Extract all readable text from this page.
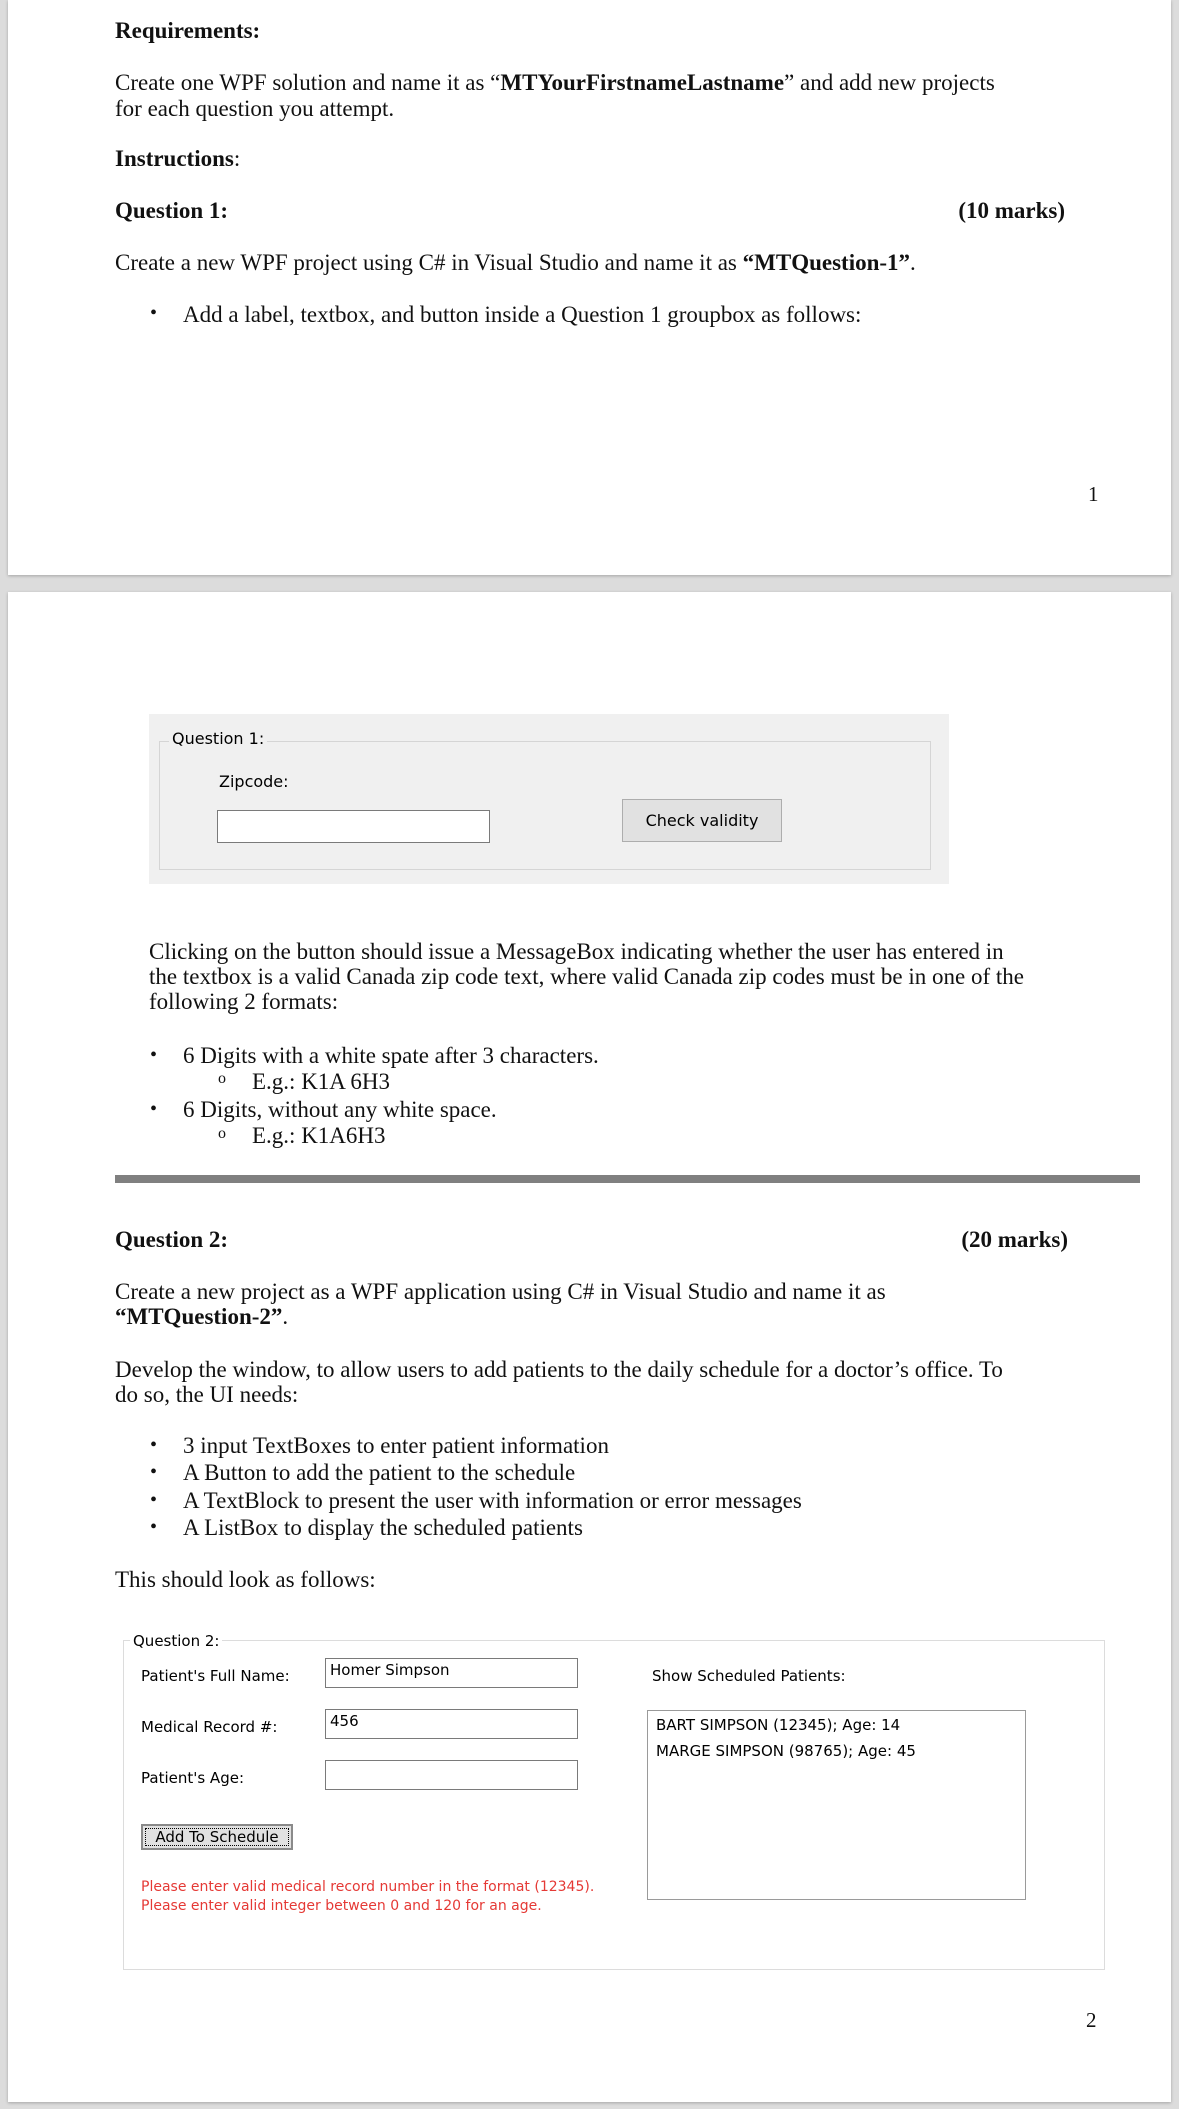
Requirements:
Create one WPF solution and name it as “MTYourFirstnameLastname” and add new projects
for each question you attempt.
Instructions:
Question 1:	(10 marks)
Create a new WPF project using C# in Visual Studio and name it as “MTQuestion-1”.
• Add a label, textbox, and button inside a Question 1 groupbox as follows:
1
Question 1:
Zipcode:
Check validity
Clicking on the button should issue a MessageBox indicating whether the user has entered in
the textbox is a valid Canada zip code text, where valid Canada zip codes must be in one of the
following 2 formats:
• 6 Digits with a white spate after 3 characters.
o E.g.: K1A 6H3
• 6 Digits, without any white space.
o E.g.: K1A6H3
Question 2:	(20 marks)
Create a new project as a WPF application using C# in Visual Studio and name it as
“MTQuestion-2”.
Develop the window, to allow users to add patients to the daily schedule for a doctor’s office. To
do so, the UI needs:
• 3 input TextBoxes to enter patient information
• A Button to add the patient to the schedule
• A TextBlock to present the user with information or error messages
• A ListBox to display the scheduled patients
This should look as follows:
Question 2:
Patient's Full Name:	Homer Simpson
Medical Record #:	456
Patient's Age:
Add To Schedule
Please enter valid medical record number in the format (12345).
Please enter valid integer between 0 and 120 for an age.
Show Scheduled Patients:
BART SIMPSON (12345); Age: 14
MARGE SIMPSON (98765); Age: 45
2
